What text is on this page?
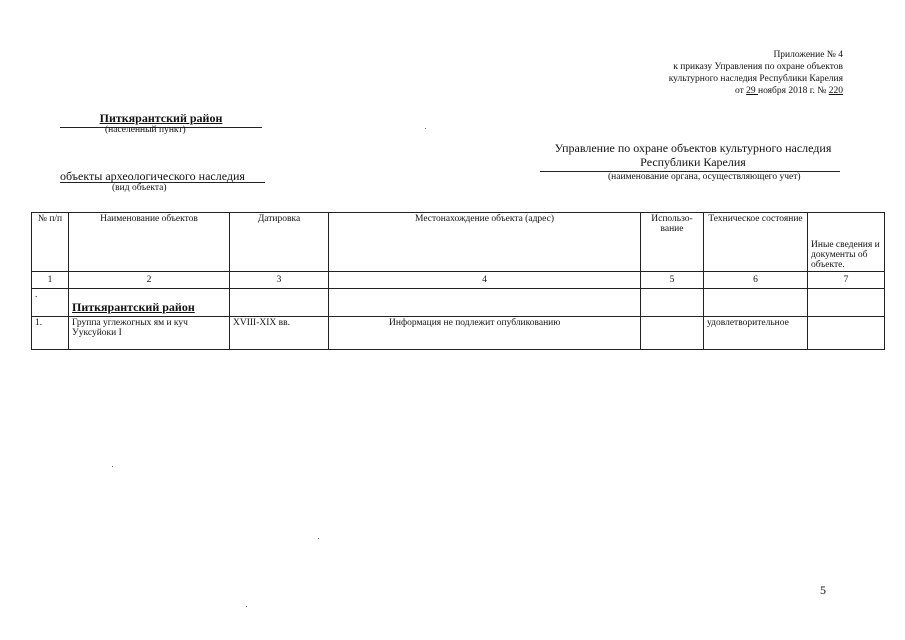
Приложение № 4
к приказу Управления по охране объектов
культурного наследия Республики Карелия
от 29 ноября 2018 г. № 220
Питкярантский район
(населенный пункт)
Управление по охране объектов культурного наследия
Республики Карелия
(наименование органа, осуществляющего учет)
объекты археологического наследия
(вид объекта)
№ п/п	Наименование объектов	Датировка	Местонахождение объекта (адрес)	Использо-вание	Техническое состояние	Иные сведения и документы об объекте.
1	2	3	4	5	6	7
.	Питкярантский район					
1.	Группа углежогных ям и куч Ууксуйоки I	XVIII-XIX вв.	Информация не подлежит опубликованию		удовлетворительное	
5
